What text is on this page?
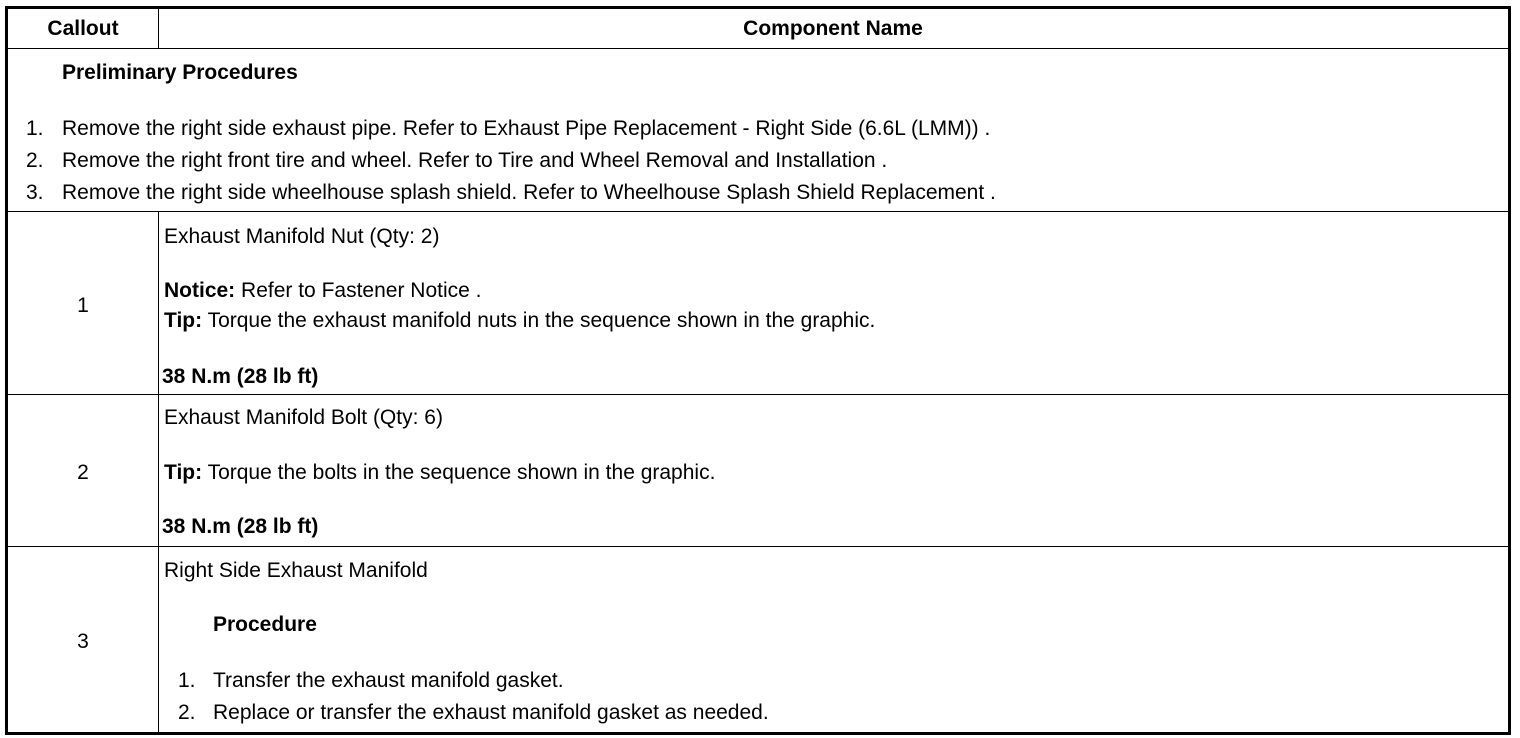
Callout	Component Name
Preliminary Procedures
1. Remove the right side exhaust pipe. Refer to Exhaust Pipe Replacement - Right Side (6.6L (LMM)) .
2. Remove the right front tire and wheel. Refer to Tire and Wheel Removal and Installation .
3. Remove the right side wheelhouse splash shield. Refer to Wheelhouse Splash Shield Replacement .
1
Exhaust Manifold Nut (Qty: 2)
Notice: Refer to Fastener Notice .
Tip: Torque the exhaust manifold nuts in the sequence shown in the graphic.
38 N.m (28 lb ft)
2
Exhaust Manifold Bolt (Qty: 6)
Tip: Torque the bolts in the sequence shown in the graphic.
38 N.m (28 lb ft)
3
Right Side Exhaust Manifold
Procedure
1. Transfer the exhaust manifold gasket.
2. Replace or transfer the exhaust manifold gasket as needed.
